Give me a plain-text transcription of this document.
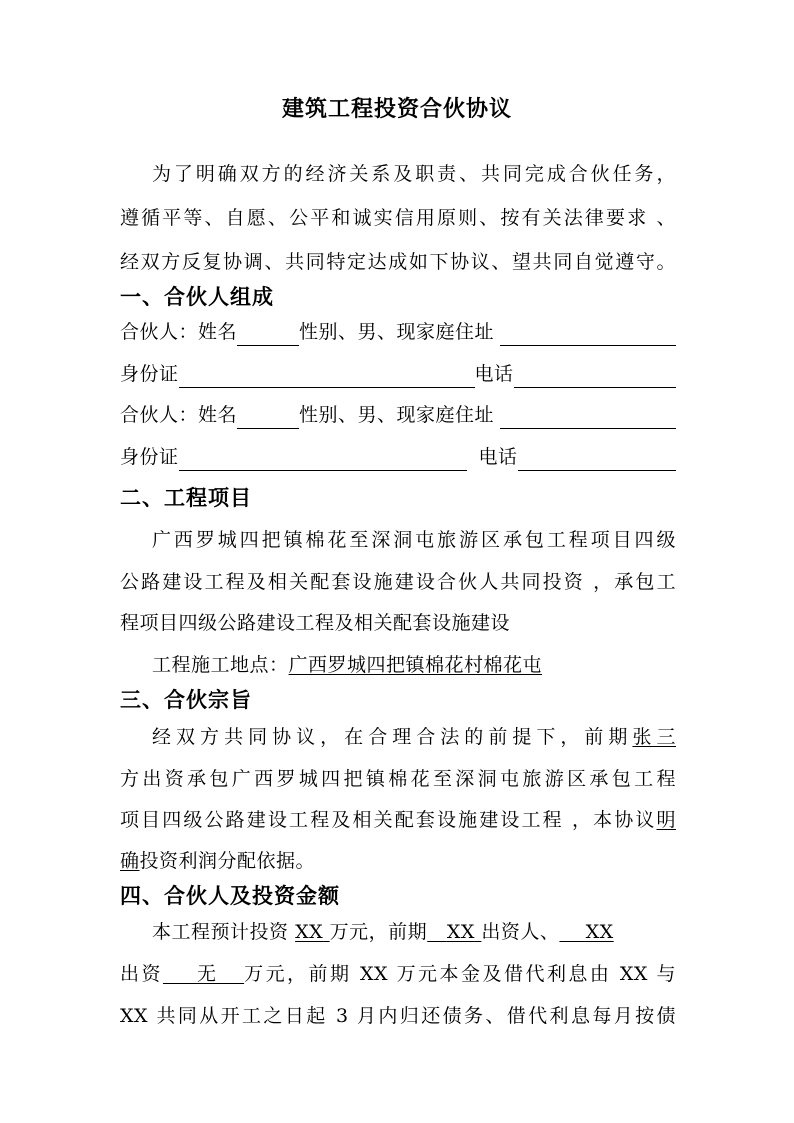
建筑工程投资合伙协议
为了明确双方的经济关系及职责、共同完成合伙任务，
遵循平等、自愿、公平和诚实信用原则、按有关法律要求 、
经双方反复协调、共同特定达成如下协议、望共同自觉遵守。
一、合伙人组成
合伙人：姓名	性别、男、现家庭住址
身份证	电话
合伙人：姓名	性别、男、现家庭住址
身份证	电话
二、工程项目
广西罗城四把镇棉花至深洞屯旅游区承包工程项目四级
公路建设工程及相关配套设施建设合伙人共同投资 ，承包工
程项目四级公路建设工程及相关配套设施建设
工程施工地点：广西罗城四把镇棉花村棉花屯
三、合伙宗旨
经双方共同协议，在合理合法的前提下，前期张三
方出资承包广西罗城四把镇棉花至深洞屯旅游区承包工程
项目四级公路建设工程及相关配套设施建设工程 ，本协议明
确投资利润分配依据。
四、合伙人及投资金额
本工程预计投资 XX 万元，前期 XX 出资人、 XX
出资 无 万元，前期 XX 万元本金及借代利息由 XX 与
XX 共同从开工之日起 3 月内归还债务、借代利息每月按债
